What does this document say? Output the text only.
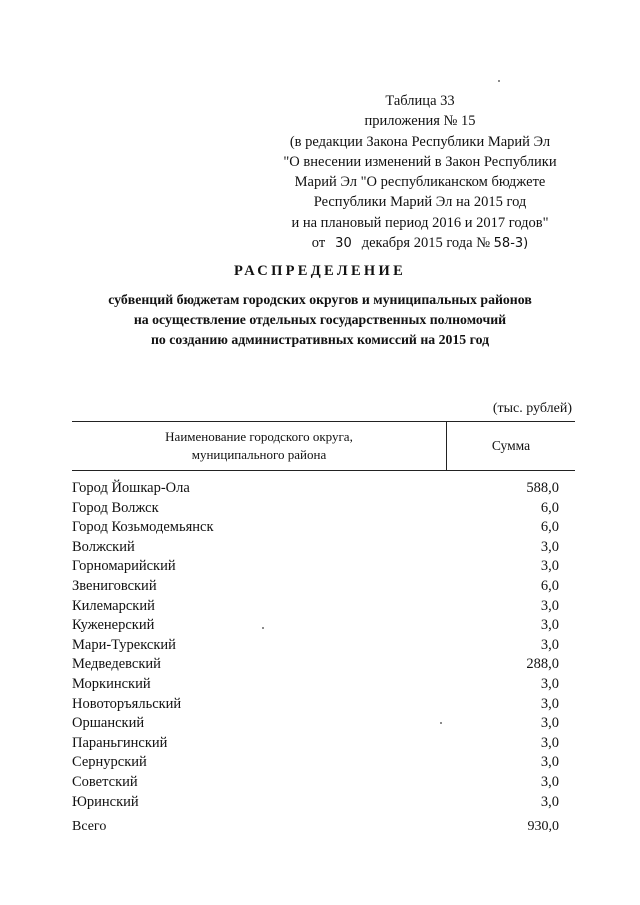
Таблица 33
приложения № 15
(в редакции Закона Республики Марий Эл
"О внесении изменений в Закон Республики
Марий Эл "О республиканском бюджете
Республики Марий Эл на 2015 год
и на плановый период 2016 и 2017 годов"
от 30 декабря 2015 года № 58-3)
РАСПРЕДЕЛЕНИЕ
субвенций бюджетам городских округов и муниципальных районов
на осуществление отдельных государственных полномочий
по созданию административных комиссий на 2015 год
(тыс. рублей)
Наименование городского округа,
муниципального района
Сумма
Город Йошкар-Ола	588,0
Город Волжск	6,0
Город Козьмодемьянск	6,0
Волжский	3,0
Горномарийский	3,0
Звениговский	6,0
Килемарский	3,0
Куженерский	3,0
Мари-Турекский	3,0
Медведевский	288,0
Моркинский	3,0
Новоторъяльский	3,0
Оршанский	3,0
Параньгинский	3,0
Сернурский	3,0
Советский	3,0
Юринский	3,0
Всего	930,0
